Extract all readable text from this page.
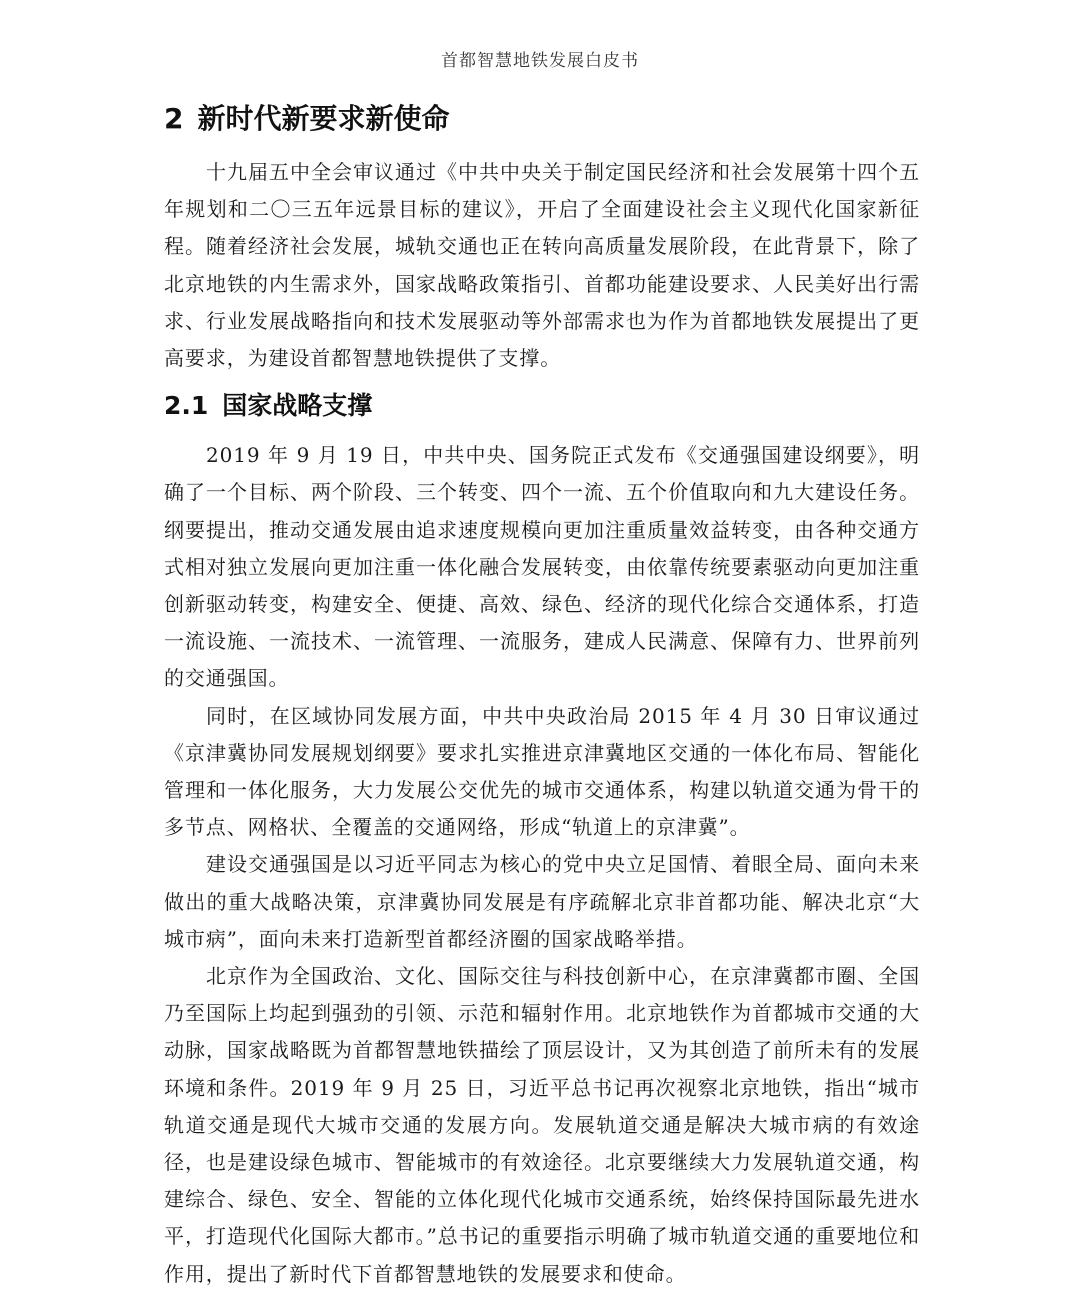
首都智慧地铁发展白皮书
2 新时代新要求新使命

十九届五中全会审议通过《中共中央关于制定国民经济和社会发展第十四个五年规划和二〇三五年远景目标的建议》，开启了全面建设社会主义现代化国家新征程。随着经济社会发展，城轨交通也正在转向高质量发展阶段，在此背景下，除了北京地铁的内生需求外，国家战略政策指引、首都功能建设要求、人民美好出行需求、行业发展战略指向和技术发展驱动等外部需求也为作为首都地铁发展提出了更高要求，为建设首都智慧地铁提供了支撑。

2.1 国家战略支撑

2019 年 9 月 19 日，中共中央、国务院正式发布《交通强国建设纲要》，明确了一个目标、两个阶段、三个转变、四个一流、五个价值取向和九大建设任务。纲要提出，推动交通发展由追求速度规模向更加注重质量效益转变，由各种交通方式相对独立发展向更加注重一体化融合发展转变，由依靠传统要素驱动向更加注重创新驱动转变，构建安全、便捷、高效、绿色、经济的现代化综合交通体系，打造一流设施、一流技术、一流管理、一流服务，建成人民满意、保障有力、世界前列的交通强国。

同时，在区域协同发展方面，中共中央政治局 2015 年 4 月 30 日审议通过《京津冀协同发展规划纲要》要求扎实推进京津冀地区交通的一体化布局、智能化管理和一体化服务，大力发展公交优先的城市交通体系，构建以轨道交通为骨干的多节点、网格状、全覆盖的交通网络，形成“轨道上的京津冀”。

建设交通强国是以习近平同志为核心的党中央立足国情、着眼全局、面向未来做出的重大战略决策，京津冀协同发展是有序疏解北京非首都功能、解决北京“大城市病”，面向未来打造新型首都经济圈的国家战略举措。

北京作为全国政治、文化、国际交往与科技创新中心，在京津冀都市圈、全国乃至国际上均起到强劲的引领、示范和辐射作用。北京地铁作为首都城市交通的大动脉，国家战略既为首都智慧地铁描绘了顶层设计，又为其创造了前所未有的发展环境和条件。2019 年 9 月 25 日，习近平总书记再次视察北京地铁，指出“城市轨道交通是现代大城市交通的发展方向。发展轨道交通是解决大城市病的有效途径，也是建设绿色城市、智能城市的有效途径。北京要继续大力发展轨道交通，构建综合、绿色、安全、智能的立体化现代化城市交通系统，始终保持国际最先进水平，打造现代化国际大都市。”总书记的重要指示明确了城市轨道交通的重要地位和作用，提出了新时代下首都智慧地铁的发展要求和使命。
